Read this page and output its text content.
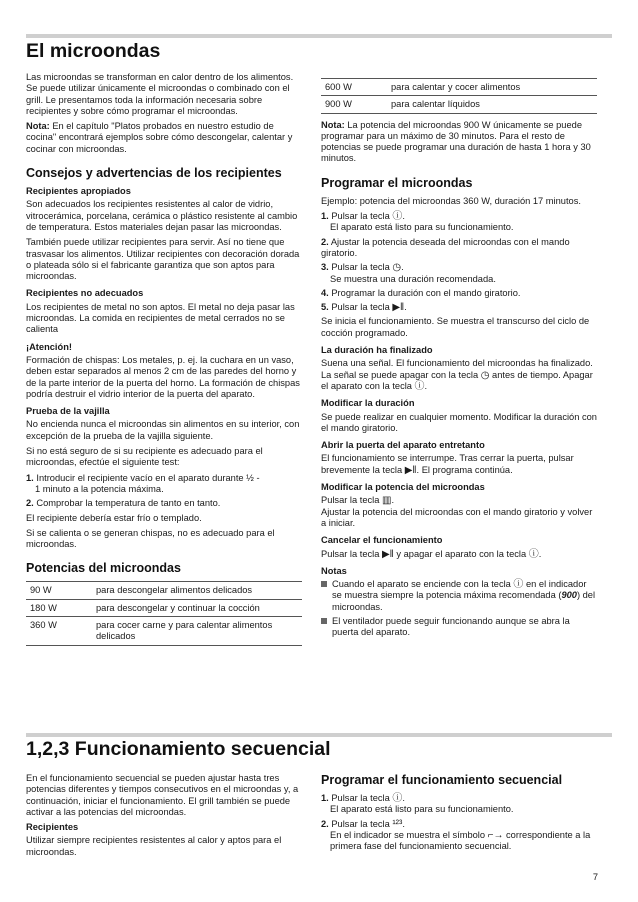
El microondas

Las microondas se transforman en calor dentro de los alimentos. Se puede utilizar únicamente el microondas o combinado con el grill. Le presentamos toda la información necesaria sobre recipientes y sobre cómo programar el microondas.

Nota: En el capítulo "Platos probados en nuestro estudio de cocina" encontrará ejemplos sobre cómo descongelar, calentar y cocinar con microondas.

Consejos y advertencias de los recipientes
Recipientes apropiados

Son adecuados los recipientes resistentes al calor de vidrio, vitrocerámica, porcelana, cerámica o plástico resistente al cambio de temperatura. Estos materiales dejan pasar las microondas.

También puede utilizar recipientes para servir. Así no tiene que trasvasar los alimentos. Utilizar recipientes con decoración dorada o plateada sólo si el fabricante garantiza que son aptos para microondas.

Recipientes no adecuados

Los recipientes de metal no son aptos. El metal no deja pasar las microondas. La comida en recipientes de metal cerrados no se calienta

¡Atención!

Formación de chispas: Los metales, p. ej. la cuchara en un vaso, deben estar separados al menos 2 cm de las paredes del horno y de la parte interior de la puerta del horno. La formación de chispas podría destruir el vidrio interior de la puerta del aparato.

Prueba de la vajilla

No encienda nunca el microondas sin alimentos en su interior, con excepción de la prueba de la vajilla siguiente.

Si no está seguro de si su recipiente es adecuado para el microondas, efectúe el siguiente test:

1. Introducir el recipiente vacío en el aparato durante ½ -
1 minuto a la potencia máxima.
2. Comprobar la temperatura de tanto en tanto.

El recipiente debería estar frío o templado.

Si se calienta o se generan chispas, no es adecuado para el microondas.

Potencias del microondas
90 W	para descongelar alimentos delicados
180 W	para descongelar y continuar la cocción
360 W	para cocer carne y para calentar alimentos delicados
600 W	para calentar y cocer alimentos
900 W	para calentar líquidos

Nota: La potencia del microondas 900 W únicamente se puede programar para un máximo de 30 minutos. Para el resto de potencias se puede programar una duración de hasta 1 hora y 30 minutos.

Programar el microondas

Ejemplo: potencia del microondas 360 W, duración 17 minutos.

1. Pulsar la tecla ⓘ.
El aparato está listo para su funcionamiento.
2. Ajustar la potencia deseada del microondas con el mando giratorio.
3. Pulsar la tecla ◷.
Se muestra una duración recomendada.
4. Programar la duración con el mando giratorio.
5. Pulsar la tecla ▶‖.

Se inicia el funcionamiento. Se muestra el transcurso del ciclo de cocción programado.

La duración ha finalizado

Suena una señal. El funcionamiento del microondas ha finalizado. La señal se puede apagar con la tecla ◷ antes de tiempo. Apagar el aparato con la tecla ⓘ.

Modificar la duración

Se puede realizar en cualquier momento. Modificar la duración con el mando giratorio.

Abrir la puerta del aparato entretanto

El funcionamiento se interrumpe. Tras cerrar la puerta, pulsar brevemente la tecla ▶‖. El programa continúa.

Modificar la potencia del microondas

Pulsar la tecla ▥.
Ajustar la potencia del microondas con el mando giratorio y volver a iniciar.

Cancelar el funcionamiento

Pulsar la tecla ▶‖ y apagar el aparato con la tecla ⓘ.

Notas
Cuando el aparato se enciende con la tecla ⓘ en el indicador se muestra siempre la potencia máxima recomendada (900) del microondas.
El ventilador puede seguir funcionando aunque se abra la puerta del aparato.
1,2,3 Funcionamiento secuencial

En el funcionamiento secuencial se pueden ajustar hasta tres potencias diferentes y tiempos consecutivos en el microondas y, a continuación, iniciar el funcionamiento. El grill también se puede activar a las potencias del microondas.

Recipientes

Utilizar siempre recipientes resistentes al calor y aptos para el microondas.

Programar el funcionamiento secuencial
1. Pulsar la tecla ⓘ.
El aparato está listo para su funcionamiento.
2. Pulsar la tecla ¹²³.

En el indicador se muestra el símbolo ⌐→ correspondiente a la primera fase del funcionamiento secuencial.
7
